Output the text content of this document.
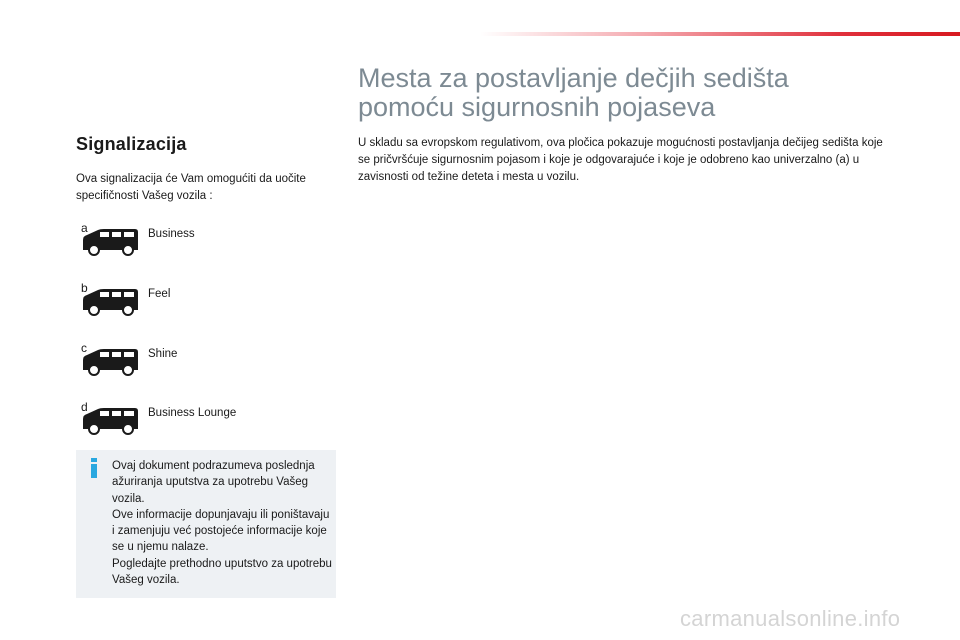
Signalizacija
Ova signalizacija će Vam omogućiti da uočite specifičnosti Vašeg vozila :
a	Business
b	Feel
c	Shine
d	Business Lounge

Ovaj dokument podrazumeva poslednja ažuriranja uputstva za upotrebu Vašeg vozila.

Ove informacije dopunjavaju ili poništavaju i zamenjuju već postojeće informacije koje se u njemu nalaze.

Pogledajte prethodno uputstvo za upotrebu Vašeg vozila.

Mesta za postavljanje dečjih sedišta
pomoću sigurnosnih pojaseva
U skladu sa evropskom regulativom, ova pločica pokazuje mogućnosti postavljanja dečijeg sedišta koje se pričvršćuje sigurnosnim pojasom i koje je odgovarajuće i koje je odobreno kao univerzalno (a) u zavisnosti od težine deteta i mesta u vozilu.
carmanualsonline.info
